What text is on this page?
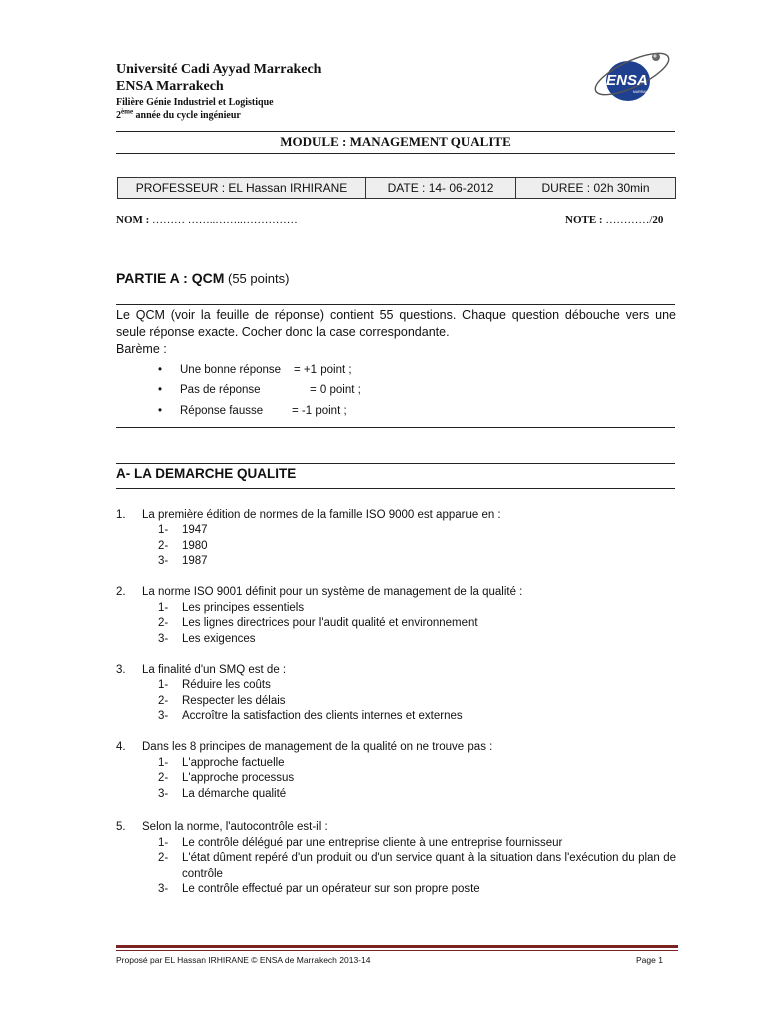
Université Cadi Ayyad Marrakech
ENSA Marrakech
Filière Génie Industriel et Logistique
2ème année du cycle ingénieur
ENSA
MARRAKECH
MODULE : MANAGEMENT QUALITE
PROFESSEUR : EL Hassan IRHIRANE	DATE : 14- 06-2012	DUREE : 02h 30min
NOM : ……… ……..……..……………	NOTE : …………/20
PARTIE A : QCM (55 points)
Le QCM (voir la feuille de réponse) contient 55 questions. Chaque question débouche vers une seule réponse exacte. Cocher donc la case correspondante.
Barème :
• Une bonne réponse = +1 point ;
• Pas de réponse	= 0 point ;
• Réponse fausse	= -1 point ;
A- LA DEMARCHE QUALITE
1. La première édition de normes de la famille ISO 9000 est apparue en :
1- 1947
2- 1980
3- 1987
2. La norme ISO 9001 définit pour un système de management de la qualité :
1- Les principes essentiels
2- Les lignes directrices pour l'audit qualité et environnement
3- Les exigences
3. La finalité d'un SMQ est de :
1- Réduire les coûts
2- Respecter les délais
3- Accroître la satisfaction des clients internes et externes
4. Dans les 8 principes de management de la qualité on ne trouve pas :
1- L'approche factuelle
2- L'approche processus
3- La démarche qualité
5. Selon la norme, l'autocontrôle est-il :
1- Le contrôle délégué par une entreprise cliente à une entreprise fournisseur
2- L'état dûment repéré d'un produit ou d'un service quant à la situation dans l'exécution du plan de contrôle
3- Le contrôle effectué par un opérateur sur son propre poste
Proposé par EL Hassan IRHIRANE © ENSA de Marrakech 2013-14	Page 1
